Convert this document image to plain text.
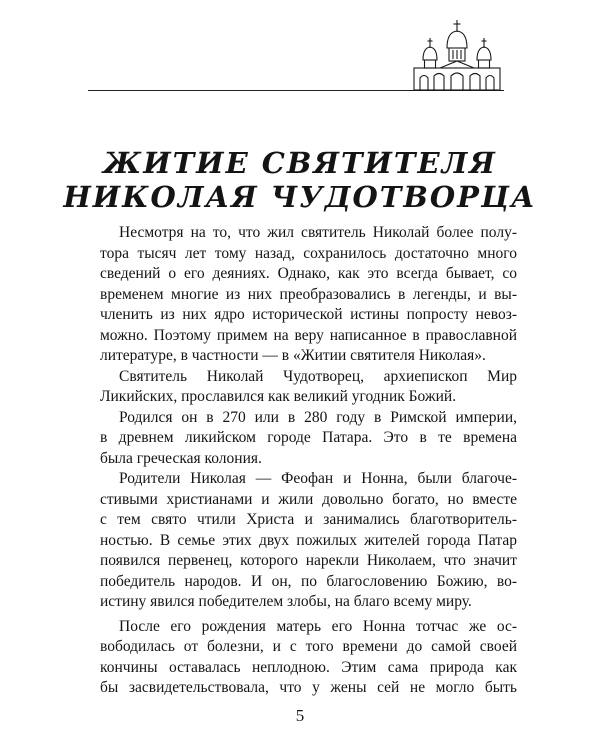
ЖИТИЕ СВЯТИТЕЛЯ
НИКОЛАЯ ЧУДОТВОРЦА
Несмотря на то, что жил святитель Николай более полу-
тора тысяч лет тому назад, сохранилось достаточно много
сведений о его деяниях. Однако, как это всегда бывает, со
временем многие из них преобразовались в легенды, и вы-
членить из них ядро исторической истины попросту невоз-
можно. Поэтому примем на веру написанное в православной
литературе, в частности — в «Житии святителя Николая».
Святитель Николай Чудотворец, архиепископ Мир
Ликийских, прославился как великий угодник Божий.
Родился он в 270 или в 280 году в Римской империи,
в древнем ликийском городе Патара. Это в те времена
была греческая колония.
Родители Николая — Феофан и Нонна, были благоче-
стивыми христианами и жили довольно богато, но вместе
с тем свято чтили Христа и занимались благотворитель-
ностью. В семье этих двух пожилых жителей города Патар
появился первенец, которого нарекли Николаем, что значит
победитель народов. И он, по благословению Божию, во-
истину явился победителем злобы, на благо всему миру.
После его рождения матерь его Нонна тотчас же ос-
вободилась от болезни, и с того времени до самой своей
кончины оставалась неплодною. Этим сама природа как
бы засвидетельствовала, что у жены сей не могло быть
5
